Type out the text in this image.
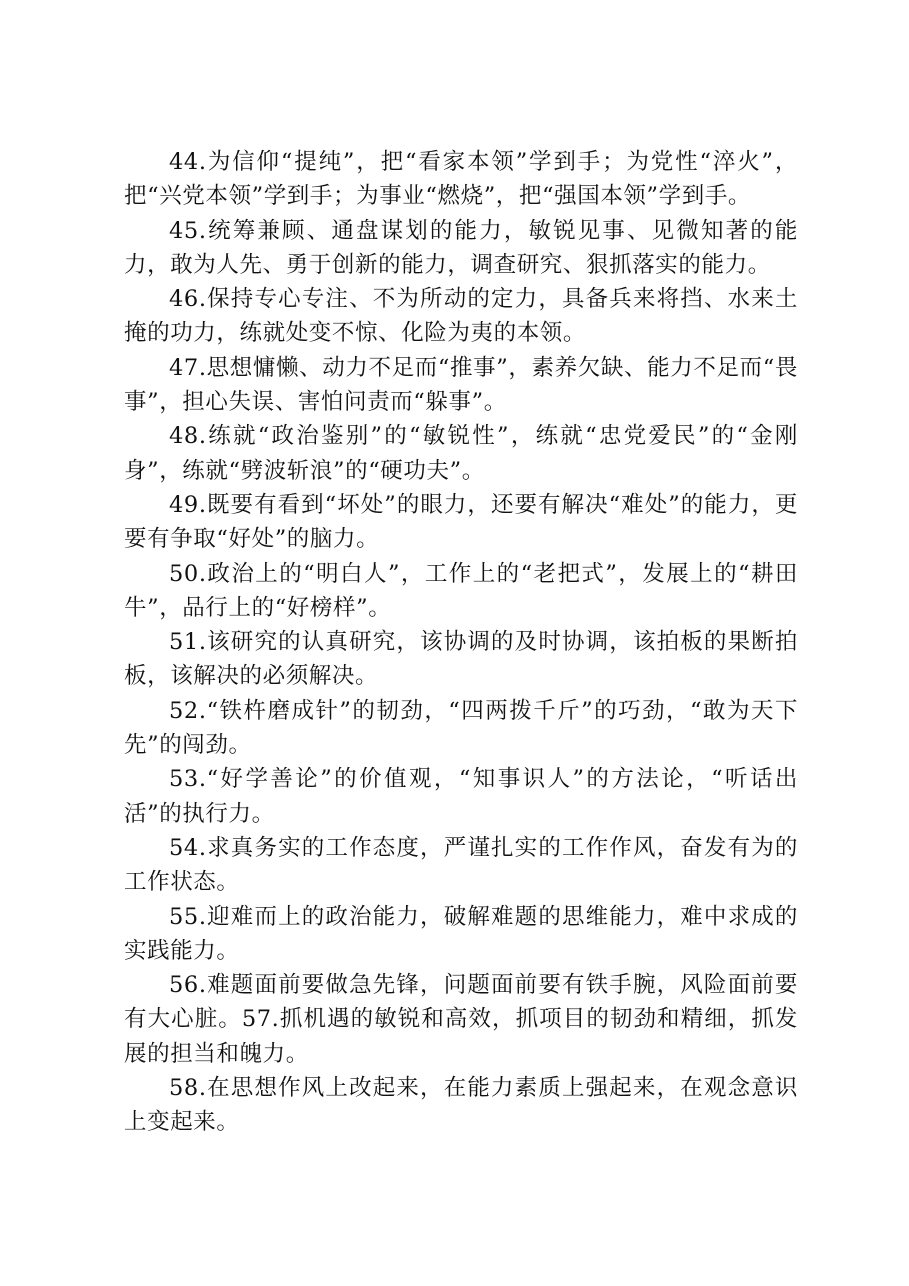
44.为信仰“提纯”，把“看家本领”学到手；为党性“淬火”，把“兴党本领”学到手；为事业“燃烧”，把“强国本领”学到手。

45.统筹兼顾、通盘谋划的能力，敏锐见事、见微知著的能力，敢为人先、勇于创新的能力，调查研究、狠抓落实的能力。

46.保持专心专注、不为所动的定力，具备兵来将挡、水来土掩的功力，练就处变不惊、化险为夷的本领。

47.思想慵懒、动力不足而“推事”，素养欠缺、能力不足而“畏事”，担心失误、害怕问责而“躲事”。

48.练就“政治鉴别”的“敏锐性”，练就“忠党爱民”的“金刚身”，练就“劈波斩浪”的“硬功夫”。

49.既要有看到“坏处”的眼力，还要有解决“难处”的能力，更要有争取“好处”的脑力。

50.政治上的“明白人”，工作上的“老把式”，发展上的“耕田牛”，品行上的“好榜样”。

51.该研究的认真研究，该协调的及时协调，该拍板的果断拍板，该解决的必须解决。

52.“铁杵磨成针”的韧劲，“四两拨千斤”的巧劲，“敢为天下先”的闯劲。

53.“好学善论”的价值观，“知事识人”的方法论，“听话出活”的执行力。

54.求真务实的工作态度，严谨扎实的工作作风，奋发有为的工作状态。

55.迎难而上的政治能力，破解难题的思维能力，难中求成的实践能力。

56.难题面前要做急先锋，问题面前要有铁手腕，风险面前要有大心脏。57.抓机遇的敏锐和高效，抓项目的韧劲和精细，抓发展的担当和魄力。

58.在思想作风上改起来，在能力素质上强起来，在观念意识上变起来。
